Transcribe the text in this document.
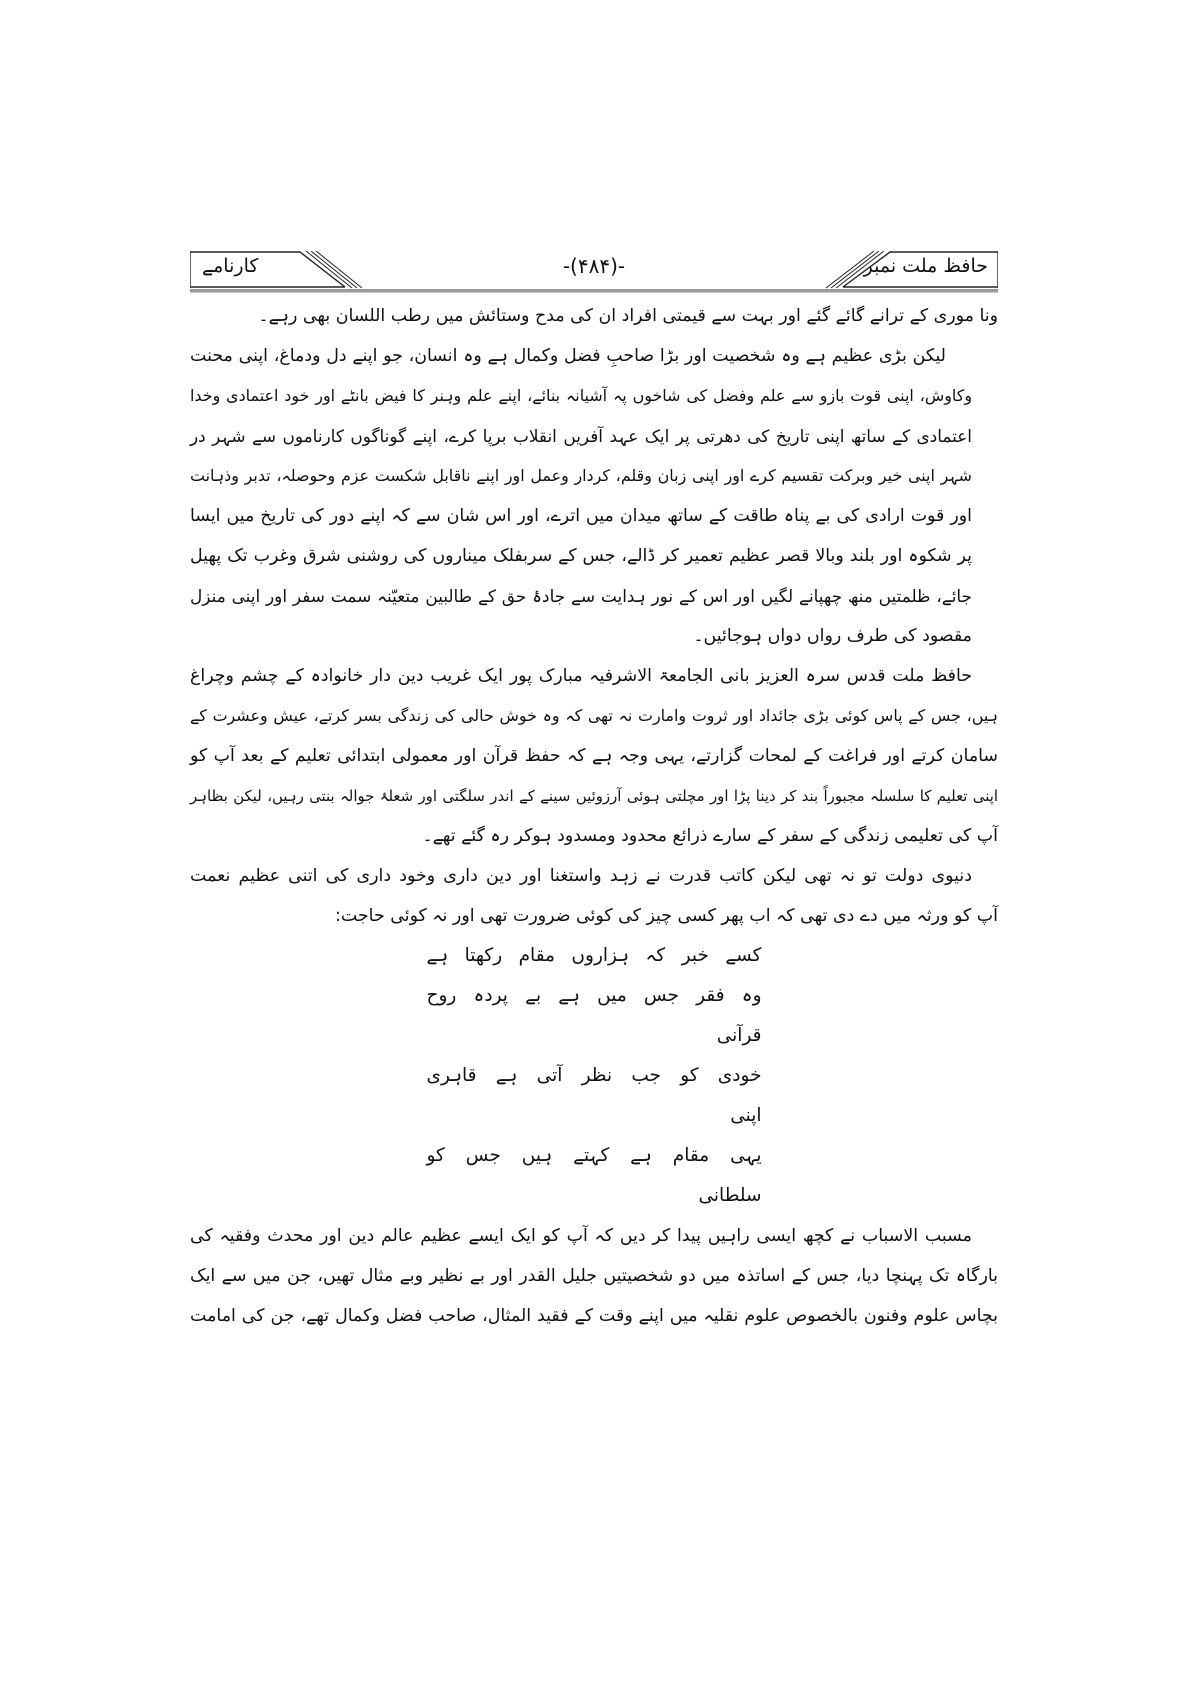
کارنامے	-(۴۸۴)-	حافظ ملت نمبر

ونا موری کے ترانے گائے گئے اور بہت سے قیمتی افراد ان کی مدح وستائش میں رطب اللسان بھی رہے۔

لیکن بڑی عظیم ہے وہ شخصیت اور بڑا صاحبِ فضل وکمال ہے وہ انسان، جو اپنے دل ودماغ، اپنی محنت
وکاوش، اپنی قوت بازو سے علم وفضل کی شاخوں پہ آشیانہ بنائے، اپنے علم وہنر کا فیض بانٹے اور خود اعتمادی وخدا
اعتمادی کے ساتھ اپنی تاریخ کی دھرتی پر ایک عہد آفریں انقلاب برپا کرے، اپنے گوناگوں کارناموں سے شہر در
شہر اپنی خیر وبرکت تقسیم کرے اور اپنی زبان وقلم، کردار وعمل اور اپنے ناقابل شکست عزم وحوصلہ، تدبر وذہانت
اور قوت ارادی کی بے پناہ طاقت کے ساتھ میدان میں اترے، اور اس شان سے کہ اپنے دور کی تاریخ میں ایسا
پر شکوہ اور بلند وبالا قصر عظیم تعمیر کر ڈالے، جس کے سربفلک میناروں کی روشنی شرق وغرب تک پھیل
جائے، ظلمتیں منھ چھپانے لگیں اور اس کے نور ہدایت سے جادۂ حق کے طالبین متعیّنہ سمت سفر اور اپنی منزل
مقصود کی طرف رواں دواں ہوجائیں۔

حافظ ملت قدس سرہ العزیز بانی الجامعۃ الاشرفیہ مبارک پور ایک غریب دین دار خانوادہ کے چشم وچراغ
ہیں، جس کے پاس کوئی بڑی جائداد اور ثروت وامارت نہ تھی کہ وہ خوش حالی کی زندگی بسر کرتے، عیش وعشرت کے
سامان کرتے اور فراغت کے لمحات گزارتے، یہی وجہ ہے کہ حفظ قرآن اور معمولی ابتدائی تعلیم کے بعد آپ کو
اپنی تعلیم کا سلسلہ مجبوراً بند کر دینا پڑا اور مچلتی ہوئی آرزوئیں سینے کے اندر سلگتی اور شعلۂ جوالہ بنتی رہیں، لیکن بظاہر
آپ کی تعلیمی زندگی کے سفر کے سارے ذرائع محدود ومسدود ہوکر رہ گئے تھے۔

دنیوی دولت تو نہ تھی لیکن کاتب قدرت نے زہد واستغنا اور دین داری وخود داری کی اتنی عظیم نعمت
آپ کو ورثہ میں دے دی تھی کہ اب پھر کسی چیز کی کوئی ضرورت تھی اور نہ کوئی حاجت:

کسے خبر کہ ہزاروں مقام رکھتا ہے
وہ فقر جس میں ہے بے پردہ روح قرآنی
خودی کو جب نظر آتی ہے قاہری اپنی
یہی مقام ہے کہتے ہیں جس کو سلطانی

مسبب الاسباب نے کچھ ایسی راہیں پیدا کر دیں کہ آپ کو ایک ایسے عظیم عالم دین اور محدث وفقیہ کی
بارگاہ تک پہنچا دیا، جس کے اساتذہ میں دو شخصیتیں جلیل القدر اور بے نظیر وبے مثال تھیں، جن میں سے ایک
بچاس علوم وفنون بالخصوص علوم نقلیہ میں اپنے وقت کے فقید المثال، صاحب فضل وکمال تھے، جن کی امامت
